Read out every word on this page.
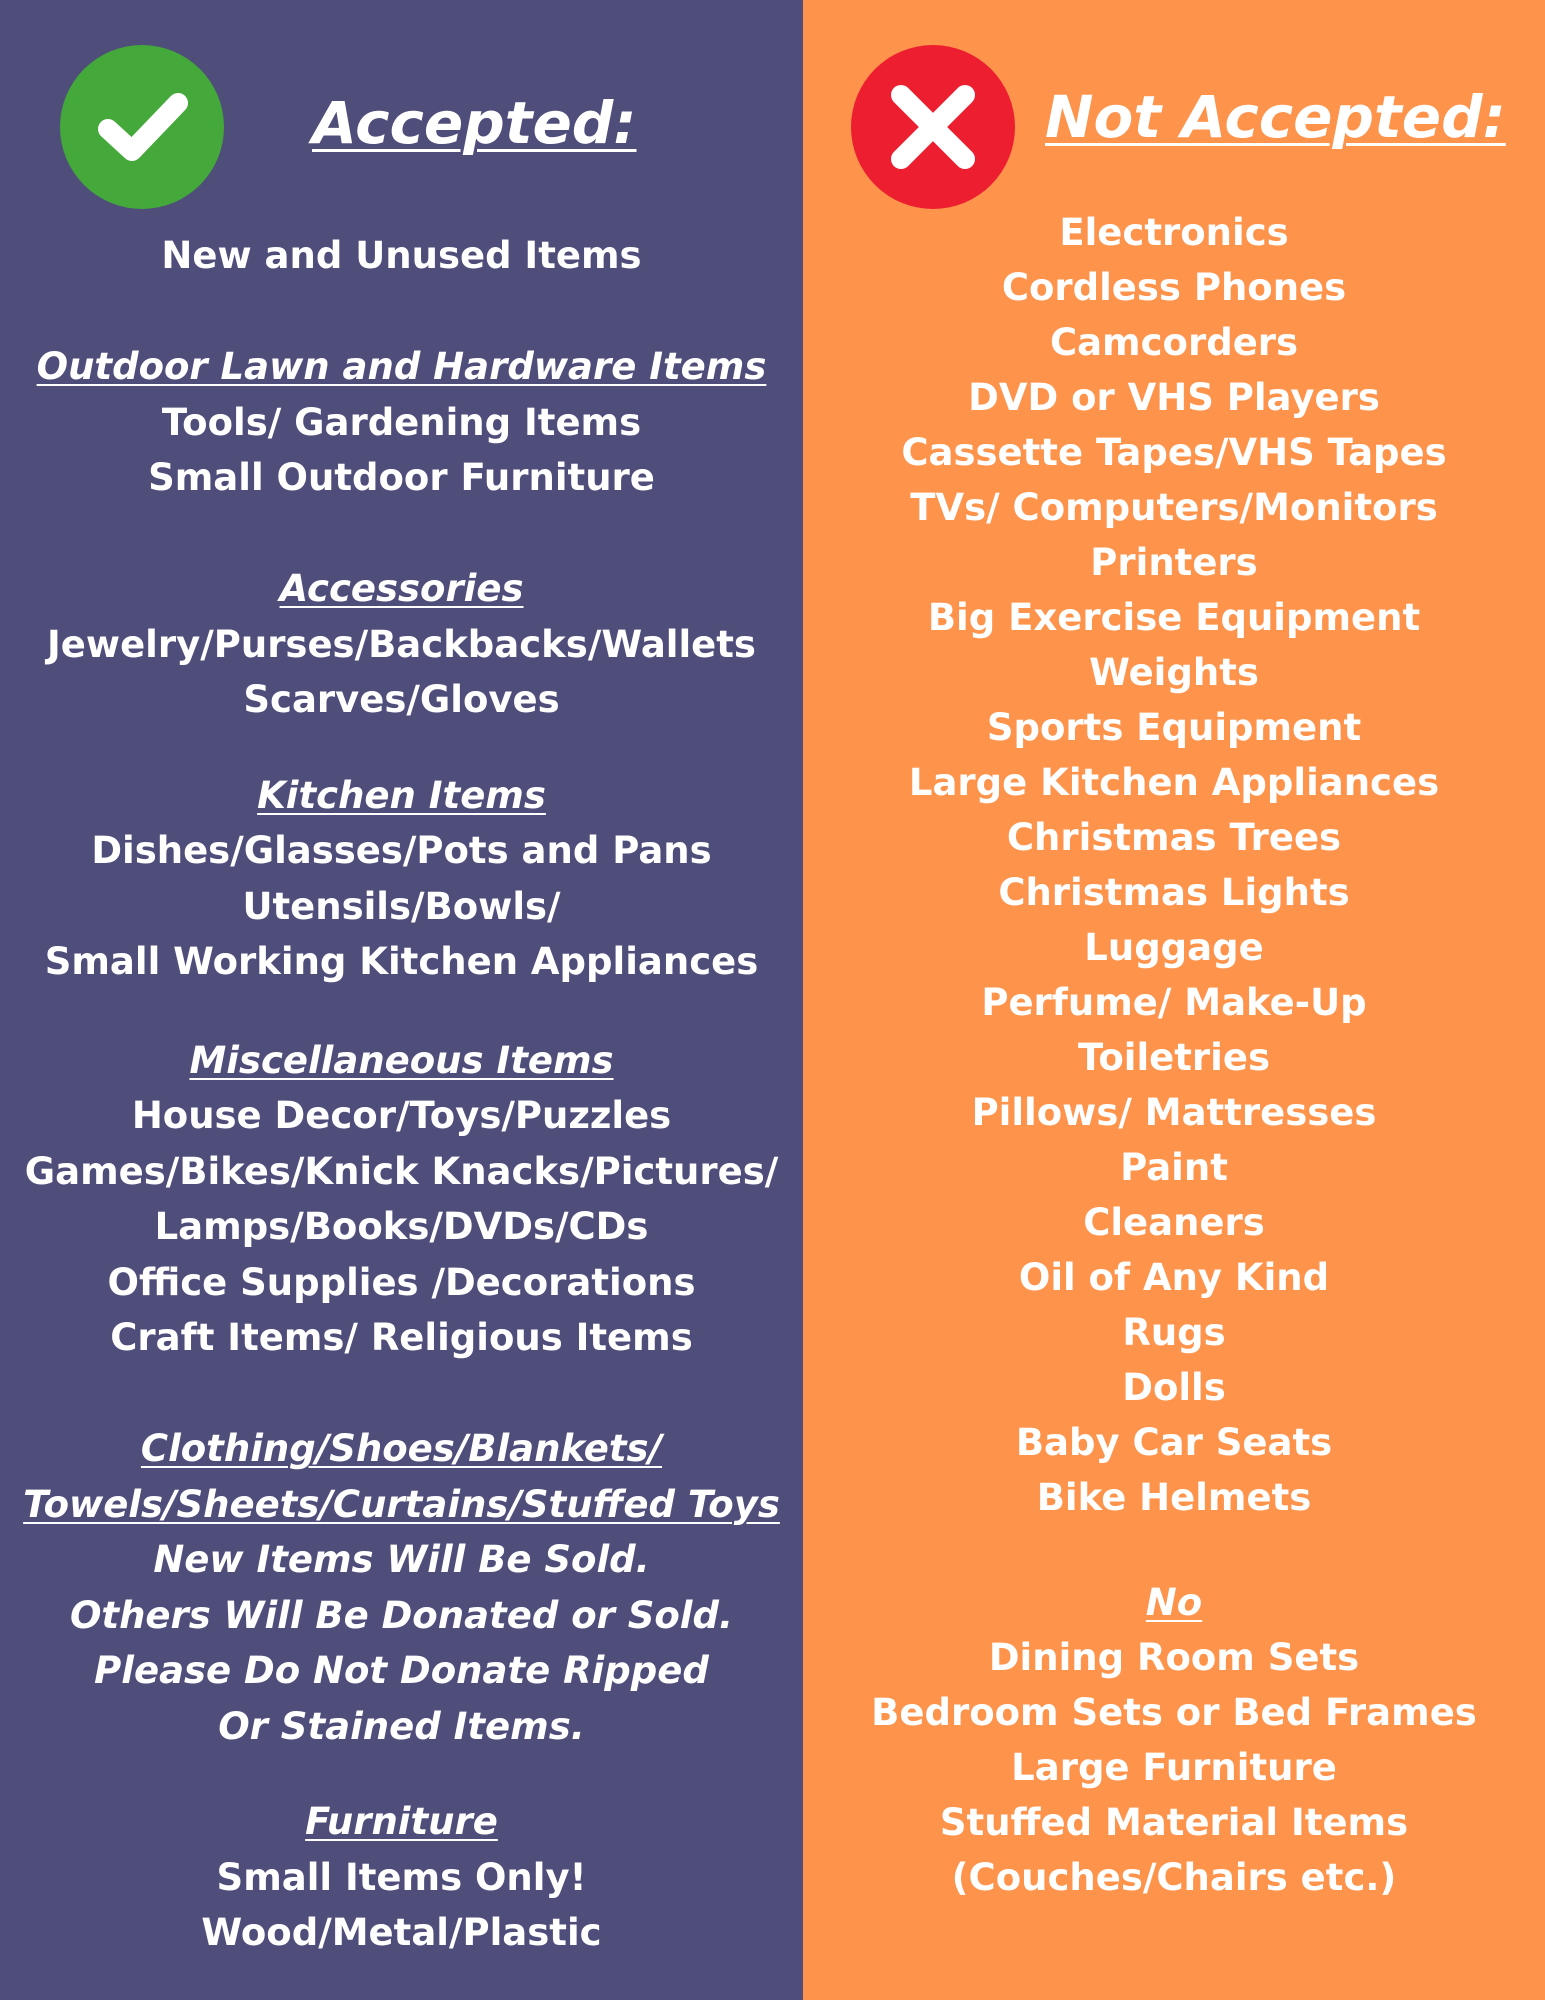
Accepted:
New and Unused Items
Outdoor Lawn and Hardware Items
Tools/ Gardening Items
Small Outdoor Furniture
Accessories
Jewelry/Purses/Backbacks/Wallets
Scarves/Gloves
Kitchen Items
Dishes/Glasses/Pots and Pans
Utensils/Bowls/
Small Working Kitchen Appliances
Miscellaneous Items
House Decor/Toys/Puzzles
Games/Bikes/Knick Knacks/Pictures/
Lamps/Books/DVDs/CDs
Office Supplies /Decorations
Craft Items/ Religious Items
Clothing/Shoes/Blankets/
Towels/Sheets/Curtains/Stuffed Toys
New Items Will Be Sold.
Others Will Be Donated or Sold.
Please Do Not Donate Ripped
Or Stained Items.
Furniture
Small Items Only!
Wood/Metal/Plastic
Not Accepted:
Electronics
Cordless Phones
Camcorders
DVD or VHS Players
Cassette Tapes/VHS Tapes
TVs/ Computers/Monitors
Printers
Big Exercise Equipment
Weights
Sports Equipment
Large Kitchen Appliances
Christmas Trees
Christmas Lights
Luggage
Perfume/ Make-Up
Toiletries
Pillows/ Mattresses
Paint
Cleaners
Oil of Any Kind
Rugs
Dolls
Baby Car Seats
Bike Helmets
No
Dining Room Sets
Bedroom Sets or Bed Frames
Large Furniture
Stuffed Material Items
(Couches/Chairs etc.)
